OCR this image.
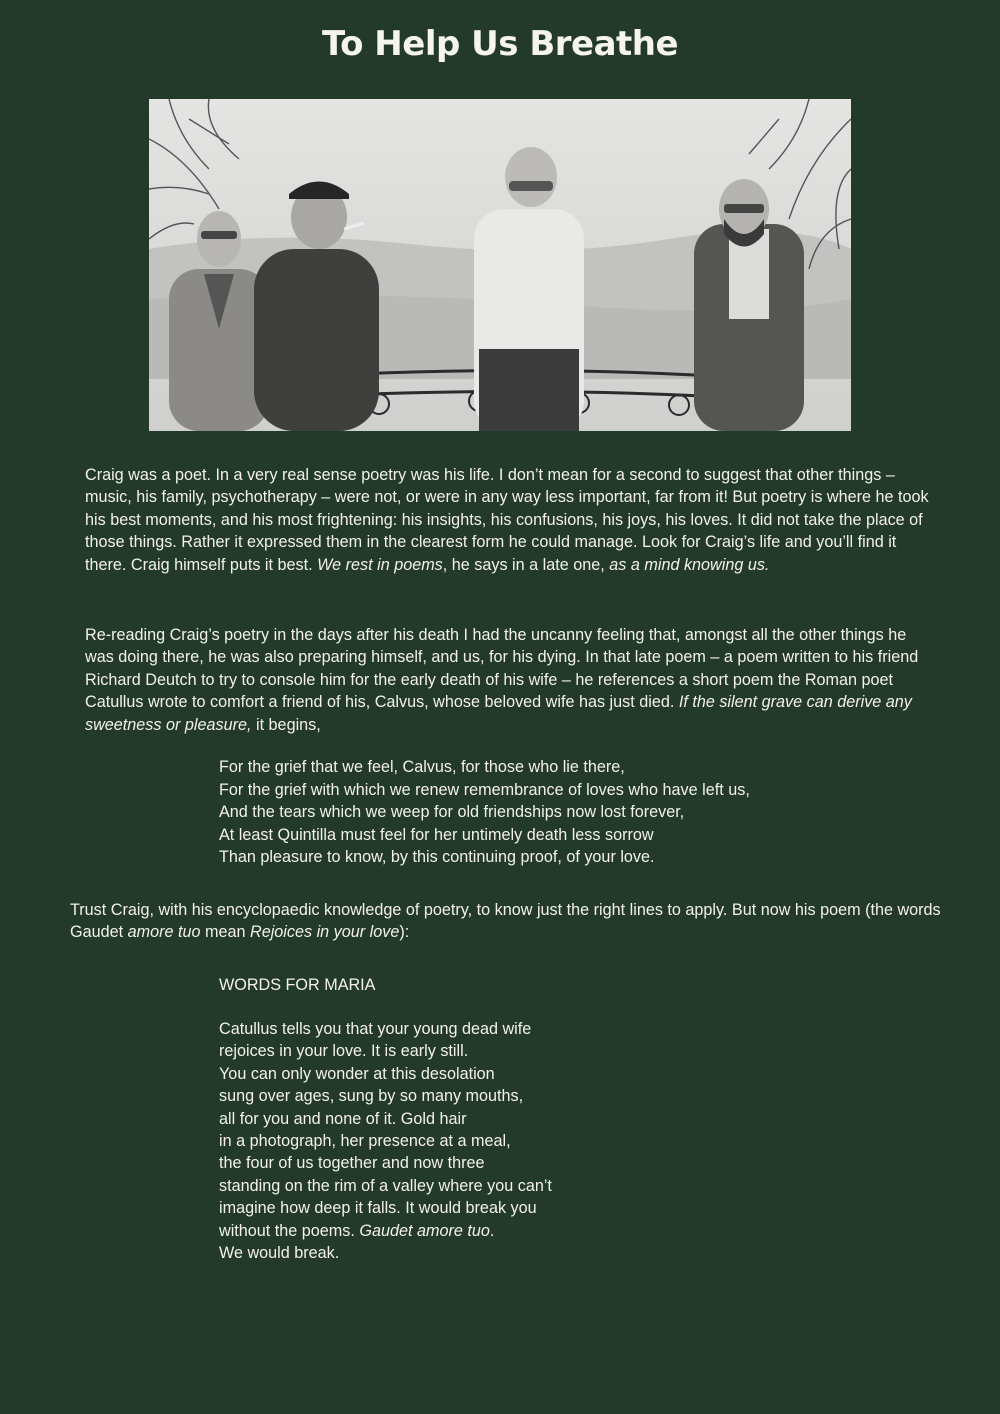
To Help Us Breathe

Craig was a poet. In a very real sense poetry was his life. I don’t mean for a second to suggest that other things – music, his family, psychotherapy – were not, or were in any way less important, far from it! But poetry is where he took his best moments, and his most frightening: his insights, his confusions, his joys, his loves. It did not take the place of those things. Rather it expressed them in the clearest form he could manage. Look for Craig’s life and you’ll find it there. Craig himself puts it best. We rest in poems, he says in a late one, as a mind knowing us.

Re-reading Craig’s poetry in the days after his death I had the uncanny feeling that, amongst all the other things he was doing there, he was also preparing himself, and us, for his dying. In that late poem – a poem written to his friend Richard Deutch to try to console him for the early death of his wife – he references a short poem the Roman poet Catullus wrote to comfort a friend of his, Calvus, whose beloved wife has just died. If the silent grave can derive any sweetness or pleasure, it begins,

For the grief that we feel, Calvus, for those who lie there,
For the grief with which we renew remembrance of loves who have left us,
And the tears which we weep for old friendships now lost forever,
At least Quintilla must feel for her untimely death less sorrow
Than pleasure to know, by this continuing proof, of your love.

Trust Craig, with his encyclopaedic knowledge of poetry, to know just the right lines to apply. But now his poem (the words Gaudet amore tuo mean Rejoices in your love):

WORDS FOR MARIA

Catullus tells you that your young dead wife
rejoices in your love. It is early still.
You can only wonder at this desolation
sung over ages, sung by so many mouths,
all for you and none of it. Gold hair
in a photograph, her presence at a meal,
the four of us together and now three
standing on the rim of a valley where you can’t
imagine how deep it falls. It would break you
without the poems. Gaudet amore tuo.
We would break.
